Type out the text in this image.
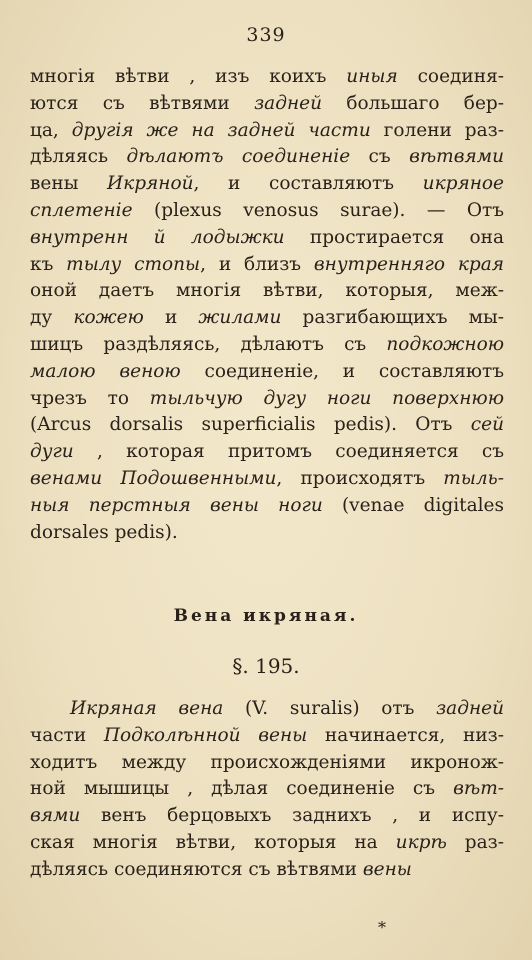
339
многія вѣтви , изъ коихъ иныя соединя-
ются съ вѣтвями задней большаго бер-
ца, другія же на задней части голени раз-
дѣляясь дѣлаютъ соединеніе съ вѣтвями
вены Икряной, и составляютъ икряное
сплетеніе (plexus venosus surae). — Отъ
внутренн й лодыжки простирается она
къ тылу стопы, и близъ внутренняго края
оной даетъ многія вѣтви, которыя, меж-
ду кожею и жилами разгибающихъ мы-
шицъ раздѣляясь, дѣлаютъ съ подкожною
малою веною соединеніе, и составляютъ
чрезъ то тыльчую дугу ноги поверхнюю
(Arcus dorsalis superficialis pedis). Отъ сей
дуги , которая притомъ соединяется съ
венами Подошвенными, происходятъ тыль-
ныя перстныя вены ноги (venae digitales
dorsales pedis).
Вена икряная.
§. 195.
Икряная вена (V. suralis) отъ задней
части Подколѣнной вены начинается, низ-
ходитъ между происхожденіями икронож-
ной мышицы , дѣлая соединеніе съ вѣт-
вями венъ берцовыхъ заднихъ , и испу-
ская многія вѣтви, которыя на икрѣ раз-
дѣляясь соединяются съ вѣтвями вены
*
